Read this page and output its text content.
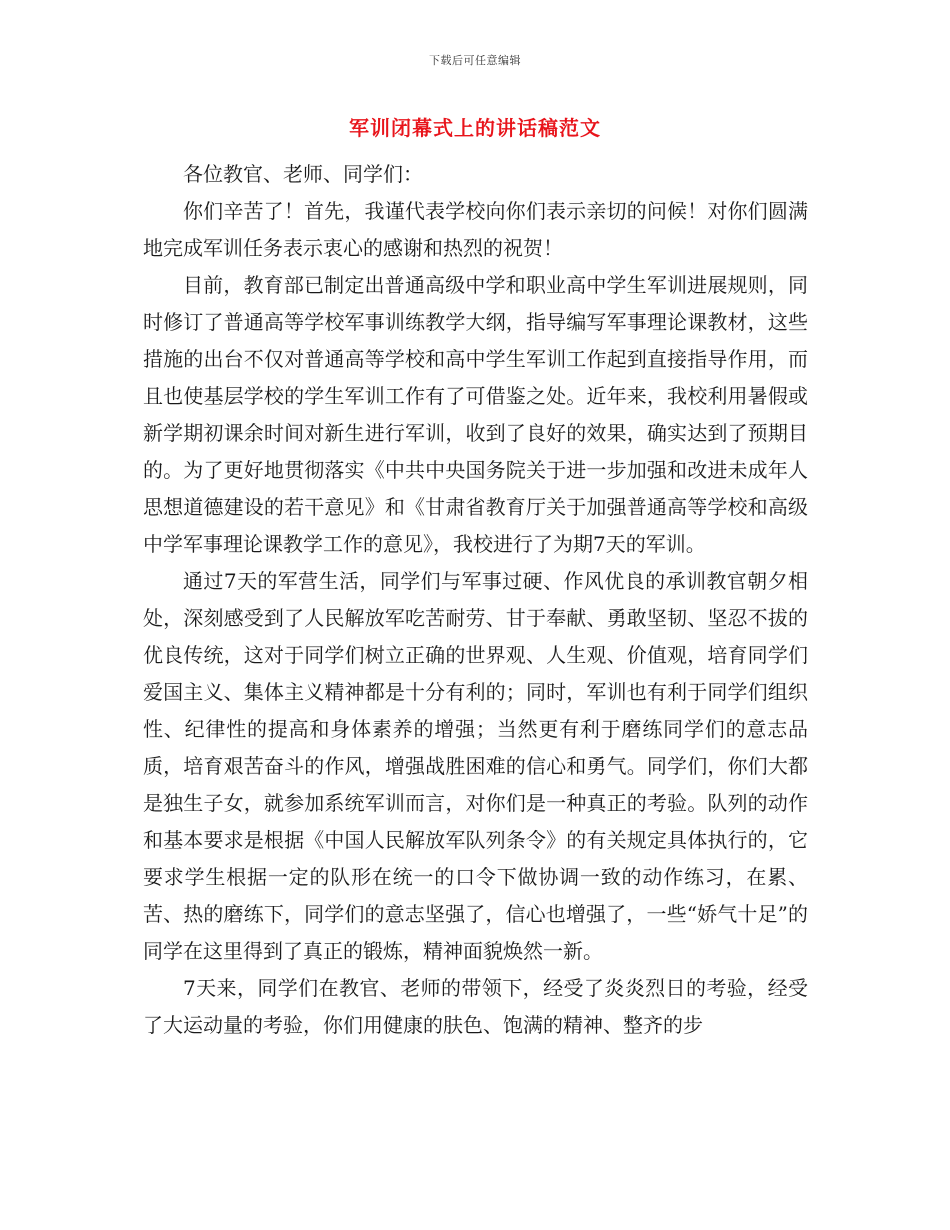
下载后可任意编辑
军训闭幕式上的讲话稿范文

各位教官、老师、同学们：

你们辛苦了！首先，我谨代表学校向你们表示亲切的问候！对你们圆满地完成军训任务表示衷心的感谢和热烈的祝贺！

目前，教育部已制定出普通高级中学和职业高中学生军训进展规则，同时修订了普通高等学校军事训练教学大纲，指导编写军事理论课教材，这些措施的出台不仅对普通高等学校和高中学生军训工作起到直接指导作用，而且也使基层学校的学生军训工作有了可借鉴之处。近年来，我校利用暑假或新学期初课余时间对新生进行军训，收到了良好的效果，确实达到了预期目的。为了更好地贯彻落实《中共中央国务院关于进一步加强和改进未成年人思想道德建设的若干意见》和《甘肃省教育厅关于加强普通高等学校和高级中学军事理论课教学工作的意见》，我校进行了为期7天的军训。

通过7天的军营生活，同学们与军事过硬、作风优良的承训教官朝夕相处，深刻感受到了人民解放军吃苦耐劳、甘于奉献、勇敢坚韧、坚忍不拔的优良传统，这对于同学们树立正确的世界观、人生观、价值观，培育同学们爱国主义、集体主义精神都是十分有利的；同时，军训也有利于同学们组织性、纪律性的提高和身体素养的增强；当然更有利于磨练同学们的意志品质，培育艰苦奋斗的作风，增强战胜困难的信心和勇气。同学们，你们大都是独生子女，就参加系统军训而言，对你们是一种真正的考验。队列的动作和基本要求是根据《中国人民解放军队列条令》的有关规定具体执行的，它要求学生根据一定的队形在统一的口令下做协调一致的动作练习，在累、苦、热的磨练下，同学们的意志坚强了，信心也增强了，一些“娇气十足”的同学在这里得到了真正的锻炼，精神面貌焕然一新。

7天来，同学们在教官、老师的带领下，经受了炎炎烈日的考验，经受了大运动量的考验，你们用健康的肤色、饱满的精神、整齐的步
